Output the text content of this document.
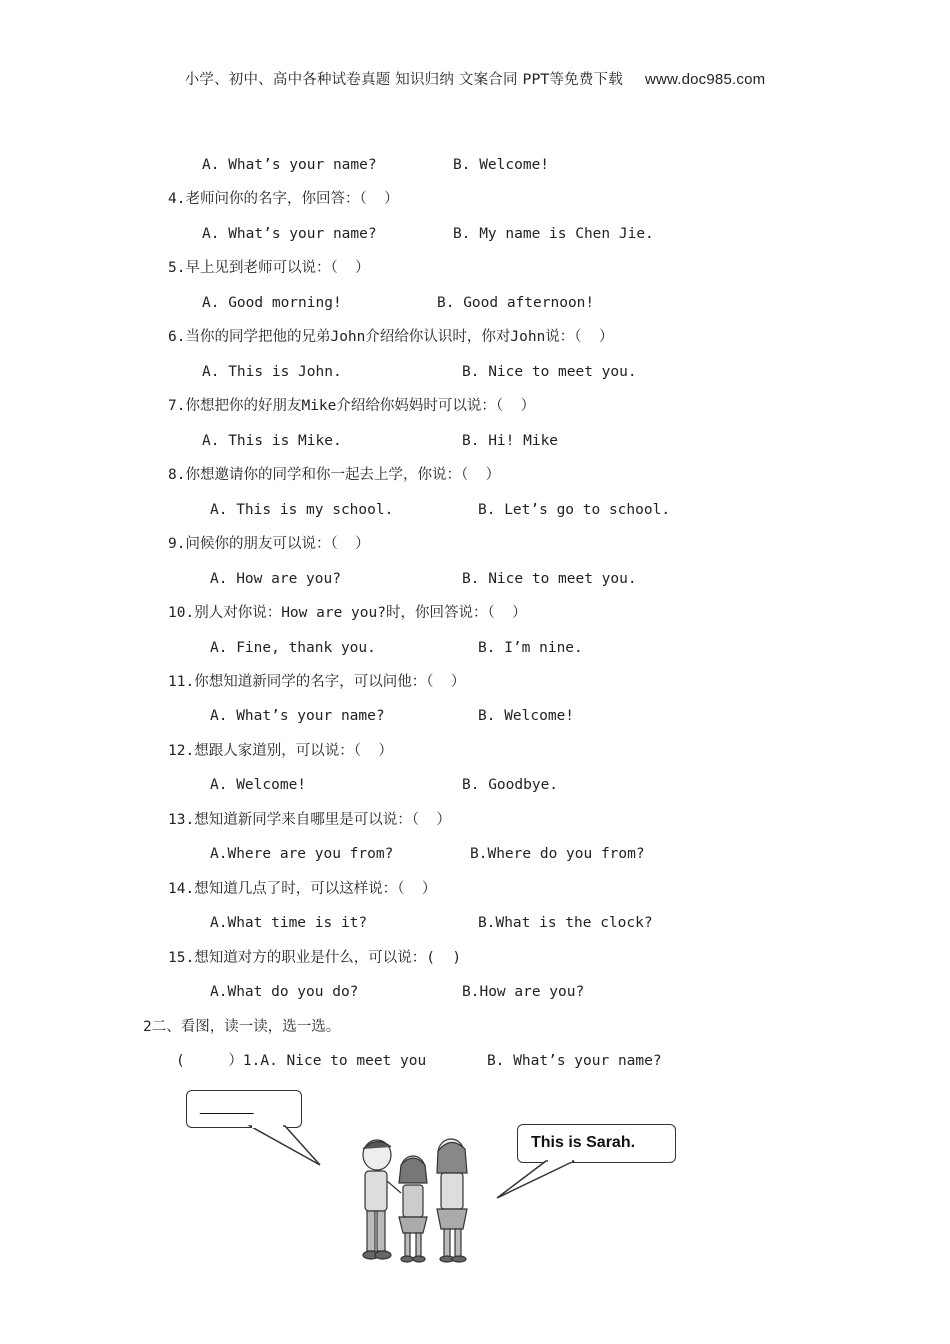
小学、初中、高中各种试卷真题 知识归纳 文案合同 PPT等免费下载 www.doc985.com
A. What’s your name?	B. Welcome!
4.老师问你的名字，你回答：（  ）
A. What’s your name?	B. My name is Chen Jie.
5.早上见到老师可以说：（  ）
A. Good morning!	B. Good afternoon!
6.当你的同学把他的兄弟John介绍给你认识时，你对John说：（  ）
A. This is John.	B. Nice to meet you.
7.你想把你的好朋友Mike介绍给你妈妈时可以说：（  ）
A. This is Mike.	B. Hi! Mike
8.你想邀请你的同学和你一起去上学，你说：（  ）
A. This is my school.	B. Let’s go to school.
9.问候你的朋友可以说：（  ）
A. How are you?	B. Nice to meet you.
10.别人对你说：How are you?时，你回答说：（  ）
A. Fine, thank you.	B. I’m nine.
11.你想知道新同学的名字，可以问他：（  ）
A. What’s your name?	B. Welcome!
12.想跟人家道别，可以说：（  ）
A. Welcome!	B. Goodbye.
13.想知道新同学来自哪里是可以说：（  ）
A.Where are you from?	B.Where do you from?
14.想知道几点了时，可以这样说：（  ）
A.What time is it?	B.What is the clock?
15.想知道对方的职业是什么，可以说：(  )
A.What do you do?	B.How are you?
2二、看图，读一读，选一选。
(     ）1.A. Nice to meet you	B. What’s your name?
______
This is Sarah.
